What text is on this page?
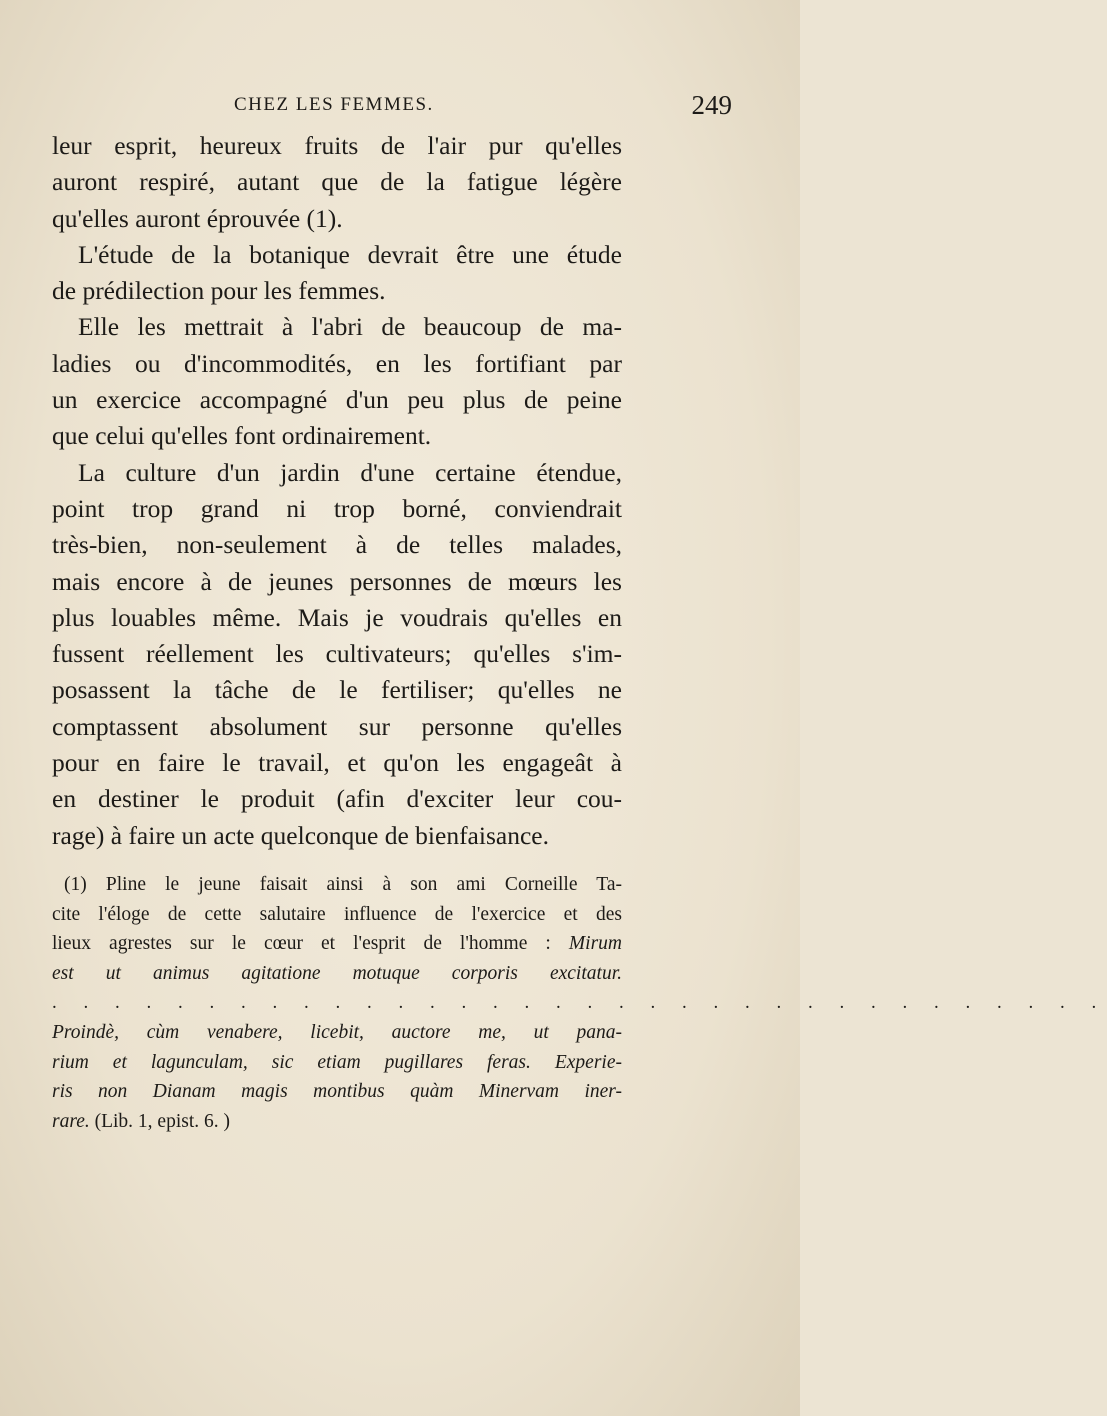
CHEZ LES FEMMES.	249
leur esprit, heureux fruits de l'air pur qu'elles
auront respiré, autant que de la fatigue légère
qu'elles auront éprouvée (1).
L'étude de la botanique devrait être une étude
de prédilection pour les femmes.
Elle les mettrait à l'abri de beaucoup de ma-
ladies ou d'incommodités, en les fortifiant par
un exercice accompagné d'un peu plus de peine
que celui qu'elles font ordinairement.
La culture d'un jardin d'une certaine étendue,
point trop grand ni trop borné, conviendrait
très-bien, non-seulement à de telles malades,
mais encore à de jeunes personnes de mœurs les
plus louables même. Mais je voudrais qu'elles en
fussent réellement les cultivateurs; qu'elles s'im-
posassent la tâche de le fertiliser; qu'elles ne
comptassent absolument sur personne qu'elles
pour en faire le travail, et qu'on les engageât à
en destiner le produit (afin d'exciter leur cou-
rage) à faire un acte quelconque de bienfaisance.
(1) Pline le jeune faisait ainsi à son ami Corneille Ta-
cite l'éloge de cette salutaire influence de l'exercice et des
lieux agrestes sur le cœur et l'esprit de l'homme : Mirum
est ut animus agitatione motuque corporis excitatur.
. . . . . . . . . . . . . . . . . . . . . . . . . . . . . . . . . .
Proindè, cùm venabere, licebit, auctore me, ut pana-
rium et lagunculam, sic etiam pugillares feras. Experie-
ris non Dianam magis montibus quàm Minervam iner-
rare. (Lib. 1, epist. 6. )
